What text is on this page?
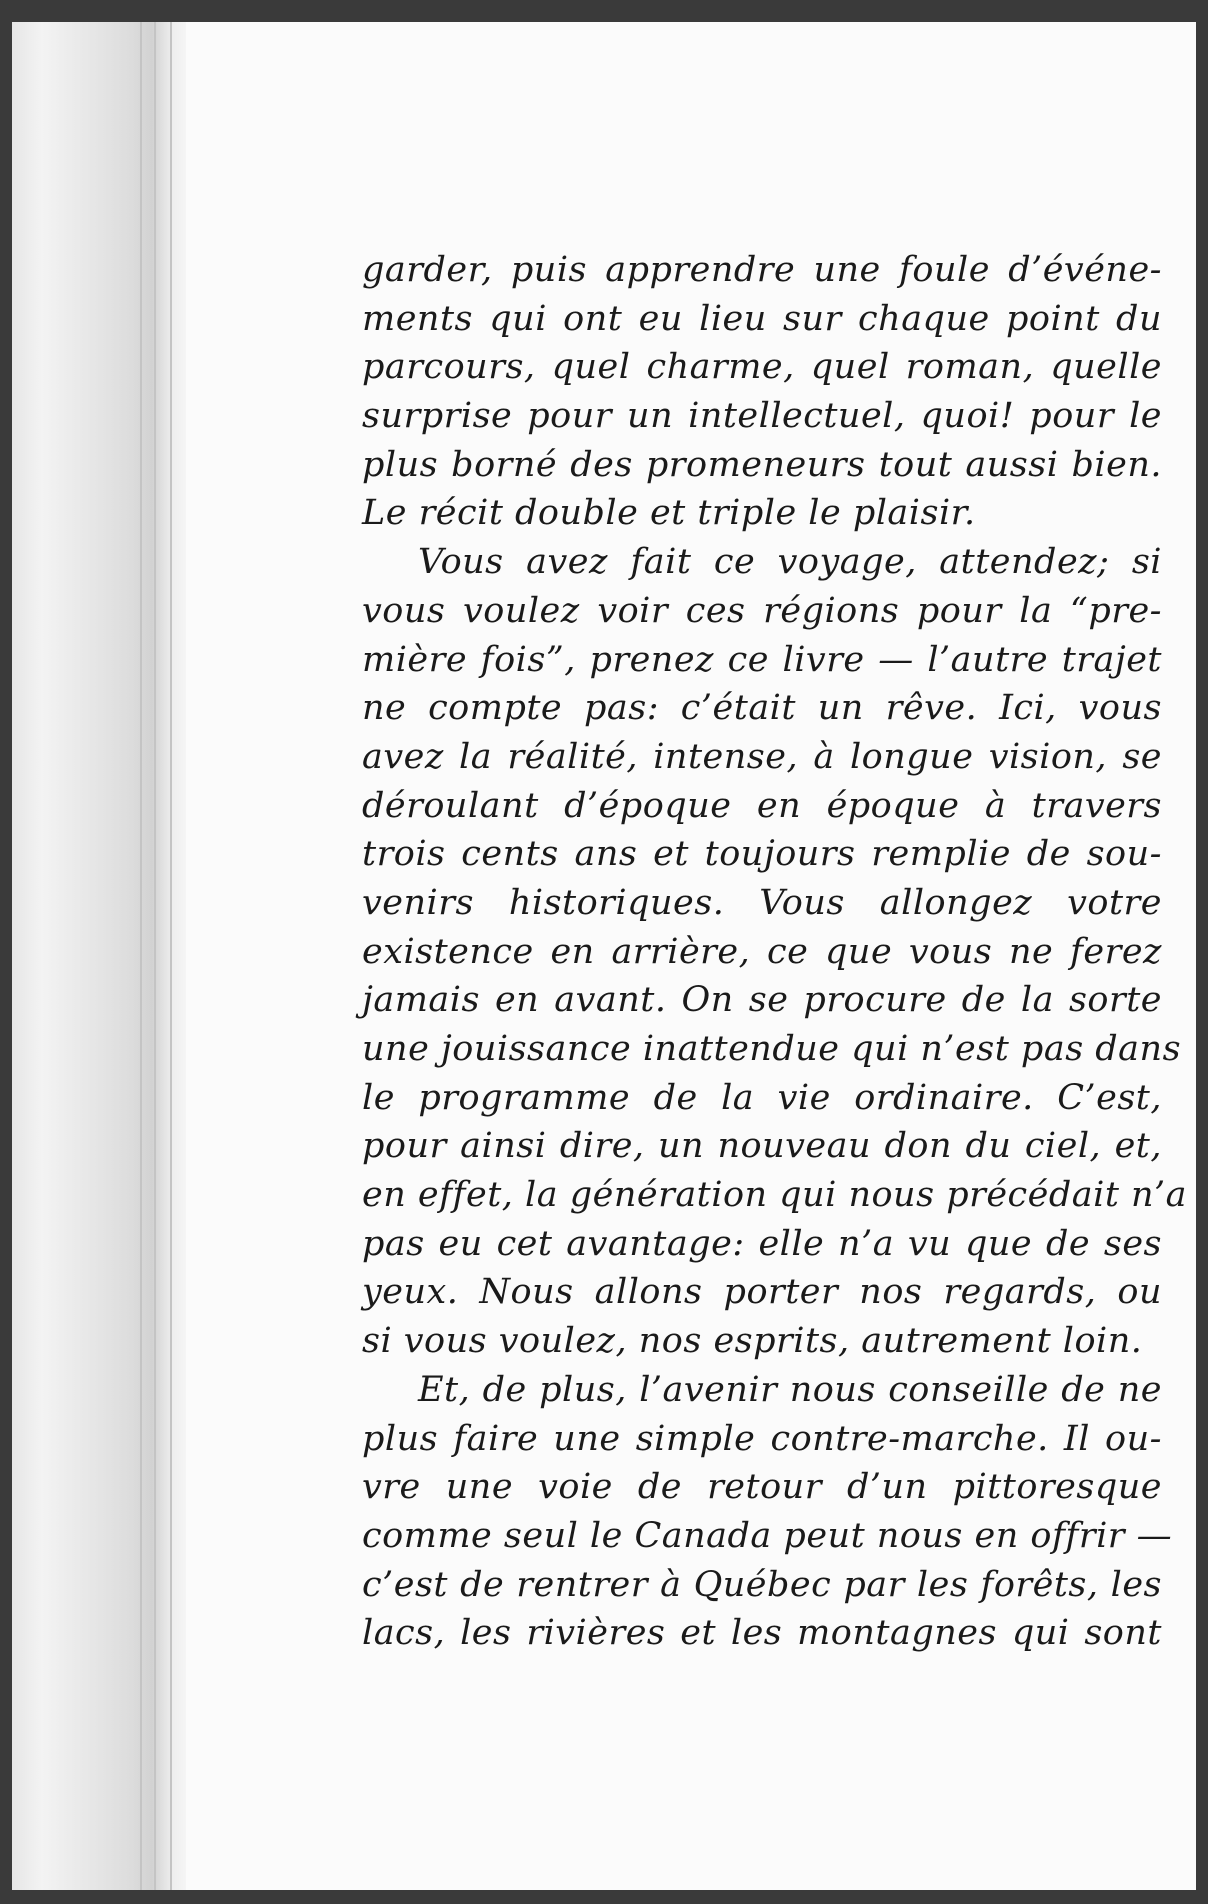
garder, puis apprendre une foule d’événe-
ments qui ont eu lieu sur chaque point du
parcours, quel charme, quel roman, quelle
surprise pour un intellectuel, quoi! pour le
plus borné des promeneurs tout aussi bien.
Le récit double et triple le plaisir.
Vous avez fait ce voyage, attendez; si
vous voulez voir ces régions pour la “pre-
mière fois”, prenez ce livre — l’autre trajet
ne compte pas: c’était un rêve. Ici, vous
avez la réalité, intense, à longue vision, se
déroulant d’époque en époque à travers
trois cents ans et toujours remplie de sou-
venirs historiques. Vous allongez votre
existence en arrière, ce que vous ne ferez
jamais en avant. On se procure de la sorte
une jouissance inattendue qui n’est pas dans
le programme de la vie ordinaire. C’est,
pour ainsi dire, un nouveau don du ciel, et,
en effet, la génération qui nous précédait n’a
pas eu cet avantage: elle n’a vu que de ses
yeux. Nous allons porter nos regards, ou
si vous voulez, nos esprits, autrement loin.
Et, de plus, l’avenir nous conseille de ne
plus faire une simple contre-marche. Il ou-
vre une voie de retour d’un pittoresque
comme seul le Canada peut nous en offrir —
c’est de rentrer à Québec par les forêts, les
lacs, les rivières et les montagnes qui sont
